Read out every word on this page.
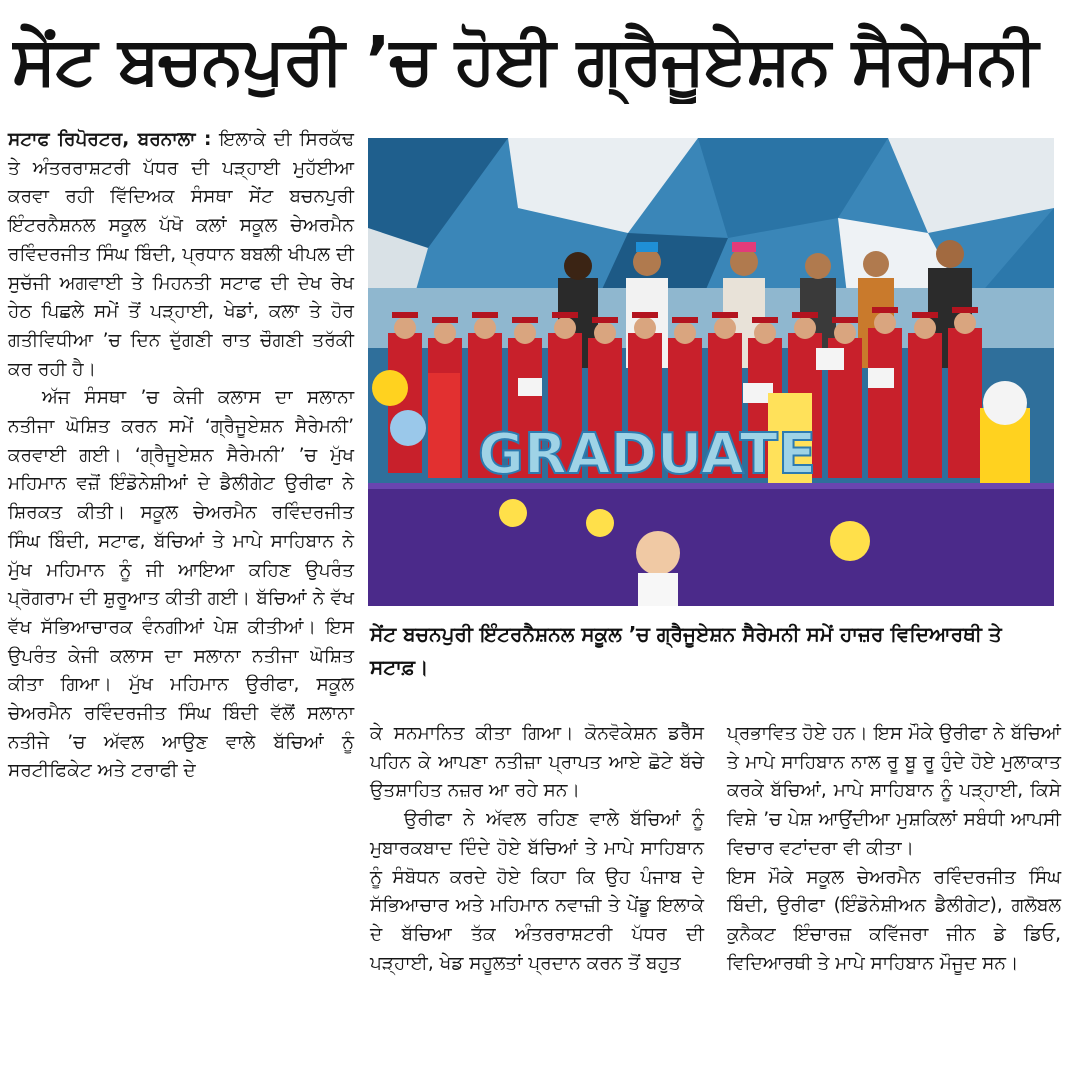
ਸੇਂਟ ਬਚਨਪੁਰੀ ’ਚ ਹੋਈ ਗ੍ਰੈਜੂਏਸ਼ਨ ਸੈਰੇਮਨੀ

ਸਟਾਫ ਰਿਪੋਰਟਰ, ਬਰਨਾਲਾ : ਇਲਾਕੇ ਦੀ ਸਿਰਕੱਢ ਤੇ ਅੰਤਰਰਾਸ਼ਟਰੀ ਪੱਧਰ ਦੀ ਪੜ੍ਹਾਈ ਮੁਹੱਈਆ ਕਰਵਾ ਰਹੀ ਵਿੱਦਿਅਕ ਸੰਸਥਾ ਸੇਂਟ ਬਚਨਪੁਰੀ ਇੰਟਰਨੈਸ਼ਨਲ ਸਕੂਲ ਪੱਖੋ ਕਲਾਂ ਸਕੂਲ ਚੇਅਰਮੈਨ ਰਵਿੰਦਰਜੀਤ ਸਿੰਘ ਬਿੰਦੀ, ਪ੍ਰਧਾਨ ਬਬਲੀ ਖੀਪਲ ਦੀ ਸੁਚੱਜੀ ਅਗਵਾਈ ਤੇ ਮਿਹਨਤੀ ਸਟਾਫ ਦੀ ਦੇਖ ਰੇਖ ਹੇਠ ਪਿਛਲੇ ਸਮੇਂ ਤੋਂ ਪੜ੍ਹਾਈ, ਖੇਡਾਂ, ਕਲਾ ਤੇ ਹੋਰ ਗਤੀਵਿਧੀਆ ’ਚ ਦਿਨ ਦੁੱਗਣੀ ਰਾਤ ਚੌਗਣੀ ਤਰੱਕੀ ਕਰ ਰਹੀ ਹੈ।

ਅੱਜ ਸੰਸਥਾ ’ਚ ਕੇਜੀ ਕਲਾਸ ਦਾ ਸਲਾਨਾ ਨਤੀਜਾ ਘੋਸ਼ਿਤ ਕਰਨ ਸਮੇਂ ‘ਗ੍ਰੈਜੂਏਸ਼ਨ ਸੈਰੇਮਨੀ’ ਕਰਵਾਈ ਗਈ। ‘ਗ੍ਰੈਜੂਏਸ਼ਨ ਸੈਰੇਮਨੀ’ ’ਚ ਮੁੱਖ ਮਹਿਮਾਨ ਵਜ਼ੋਂ ਇੰਡੋਨੇਸ਼ੀਆਂ ਦੇ ਡੈਲੀਗੇਟ ਉਰੀਫਾ ਨੇ ਸ਼ਿਰਕਤ ਕੀਤੀ। ਸਕੂਲ ਚੇਅਰਮੈਨ ਰਵਿੰਦਰਜੀਤ ਸਿੰਘ ਬਿੰਦੀ, ਸਟਾਫ, ਬੱਚਿਆਂ ਤੇ ਮਾਪੇ ਸਾਹਿਬਾਨ ਨੇ ਮੁੱਖ ਮਹਿਮਾਨ ਨੂੰ ਜੀ ਆਇਆ ਕਹਿਣ ਉਪਰੰਤ ਪ੍ਰੋਗਰਾਮ ਦੀ ਸ਼ੁਰੂਆਤ ਕੀਤੀ ਗਈ। ਬੱਚਿਆਂ ਨੇ ਵੱਖ ਵੱਖ ਸੱਭਿਆਚਾਰਕ ਵੰਨਗੀਆਂ ਪੇਸ਼ ਕੀਤੀਆਂ। ਇਸ ਉਪਰੰਤ ਕੇਜੀ ਕਲਾਸ ਦਾ ਸਲਾਨਾ ਨਤੀਜਾ ਘੋਸ਼ਿਤ ਕੀਤਾ ਗਿਆ। ਮੁੱਖ ਮਹਿਮਾਨ ਉਰੀਫਾ, ਸਕੂਲ ਚੇਅਰਮੈਨ ਰਵਿੰਦਰਜੀਤ ਸਿੰਘ ਬਿੰਦੀ ਵੱਲੋਂ ਸਲਾਨਾ ਨਤੀਜੇ ’ਚ ਅੱਵਲ ਆਉਣ ਵਾਲੇ ਬੱਚਿਆਂ ਨੂੰ ਸਰਟੀਫਿਕੇਟ ਅਤੇ ਟਰਾਫੀ ਦੇ

GRADUATE
ਸੇਂਟ ਬਚਨਪੁਰੀ ਇੰਟਰਨੈਸ਼ਨਲ ਸਕੂਲ ’ਚ ਗ੍ਰੈਜੂਏਸ਼ਨ ਸੈਰੇਮਨੀ ਸਮੇਂ ਹਾਜ਼ਰ ਵਿਦਿਆਰਥੀ ਤੇ ਸਟਾਫ਼।

ਕੇ ਸਨਮਾਨਿਤ ਕੀਤਾ ਗਿਆ। ਕੋਨਵੋਕੇਸ਼ਨ ਡਰੈੱਸ ਪਹਿਨ ਕੇ ਆਪਣਾ ਨਤੀਜ਼ਾ ਪ੍ਰਾਪਤ ਆਏ ਛੋਟੇ ਬੱਚੇ ਉਤਸ਼ਾਹਿਤ ਨਜ਼ਰ ਆ ਰਹੇ ਸਨ।

ਉਰੀਫਾ ਨੇ ਅੱਵਲ ਰਹਿਣ ਵਾਲੇ ਬੱਚਿਆਂ ਨੂੰ ਮੁਬਾਰਕਬਾਦ ਦਿੰਦੇ ਹੋਏ ਬੱਚਿਆਂ ਤੇ ਮਾਪੇ ਸਾਹਿਬਾਨ ਨੂੰ ਸੰਬੋਧਨ ਕਰਦੇ ਹੋਏ ਕਿਹਾ ਕਿ ਉਹ ਪੰਜਾਬ ਦੇ ਸੱਭਿਆਚਾਰ ਅਤੇ ਮਹਿਮਾਨ ਨਵਾਜ਼ੀ ਤੇ ਪੇਂਡੂ ਇਲਾਕੇ ਦੇ ਬੱਚਿਆ ਤੱਕ ਅੰਤਰਰਾਸ਼ਟਰੀ ਪੱਧਰ ਦੀ ਪੜ੍ਹਾਈ, ਖੇਡ ਸਹੂਲਤਾਂ ਪ੍ਰਦਾਨ ਕਰਨ ਤੋਂ ਬਹੁਤ

ਪ੍ਰਭਾਵਿਤ ਹੋਏ ਹਨ। ਇਸ ਮੌਕੇ ਉਰੀਫਾ ਨੇ ਬੱਚਿਆਂ ਤੇ ਮਾਪੇ ਸਾਹਿਬਾਨ ਨਾਲ ਰੂ ਬੂ ਰੂ ਹੁੰਦੇ ਹੋਏ ਮੁਲਾਕਾਤ ਕਰਕੇ ਬੱਚਿਆਂ, ਮਾਪੇ ਸਾਹਿਬਾਨ ਨੂੰ ਪੜ੍ਹਾਈ, ਕਿਸੇ ਵਿਸ਼ੇ ’ਚ ਪੇਸ਼ ਆਉਂਦੀਆ ਮੁਸ਼ਕਿਲਾਂ ਸਬੰਧੀ ਆਪਸੀ ਵਿਚਾਰ ਵਟਾਂਦਰਾ ਵੀ ਕੀਤਾ।

ਇਸ ਮੌਕੇ ਸਕੂਲ ਚੇਅਰਮੈਨ ਰਵਿੰਦਰਜੀਤ ਸਿੰਘ ਬਿੰਦੀ, ਉਰੀਫਾ (ਇੰਡੋਨੇਸ਼ੀਅਨ ਡੈਲੀਗੇਟ), ਗਲੋਬਲ ਕੁਨੈਕਟ ਇੰਚਾਰਜ਼ ਕਵਿੱਜਰਾ ਜੀਨ ਡੇ ਡਿਓ, ਵਿਦਿਆਰਥੀ ਤੇ ਮਾਪੇ ਸਾਹਿਬਾਨ ਮੌਜੂਦ ਸਨ।
